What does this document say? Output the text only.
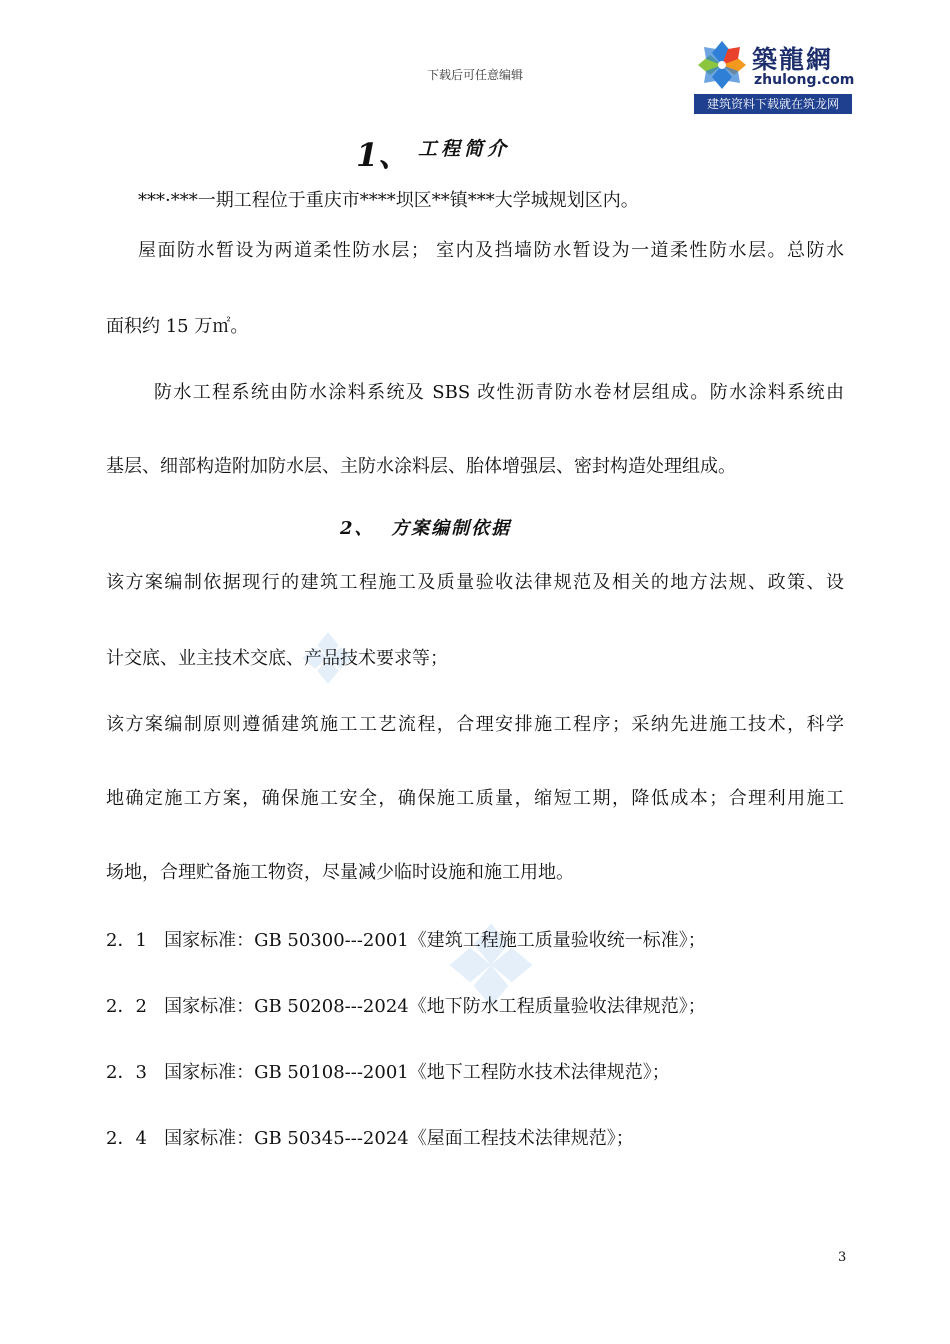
下载后可任意编辑
築龍網
zhulong.com
建筑资料下载就在筑龙网
1、 工程简介
***·***一期工程位于重庆市****坝区**镇***大学城规划区内。
屋面防水暂设为两道柔性防水层； 室内及挡墙防水暂设为一道柔性防水层。总防水
面积约 15 万㎡。
防水工程系统由防水涂料系统及 SBS 改性沥青防水卷材层组成。防水涂料系统由
基层、细部构造附加防水层、主防水涂料层、胎体增强层、密封构造处理组成。
2、 方案编制依据
该方案编制依据现行的建筑工程施工及质量验收法律规范及相关的地方法规、政策、设
计交底、业主技术交底、产品技术要求等；
该方案编制原则遵循建筑施工工艺流程，合理安排施工程序；采纳先进施工技术，科学
地确定施工方案，确保施工安全，确保施工质量，缩短工期，降低成本；合理利用施工
场地，合理贮备施工物资，尽量减少临时设施和施工用地。
2．1 国家标准：GB 50300---2001《建筑工程施工质量验收统一标准》；
2．2 国家标准：GB 50208---2024《地下防水工程质量验收法律规范》；
2．3 国家标准：GB 50108---2001《地下工程防水技术法律规范》；
2．4 国家标准：GB 50345---2024《屋面工程技术法律规范》；
3
